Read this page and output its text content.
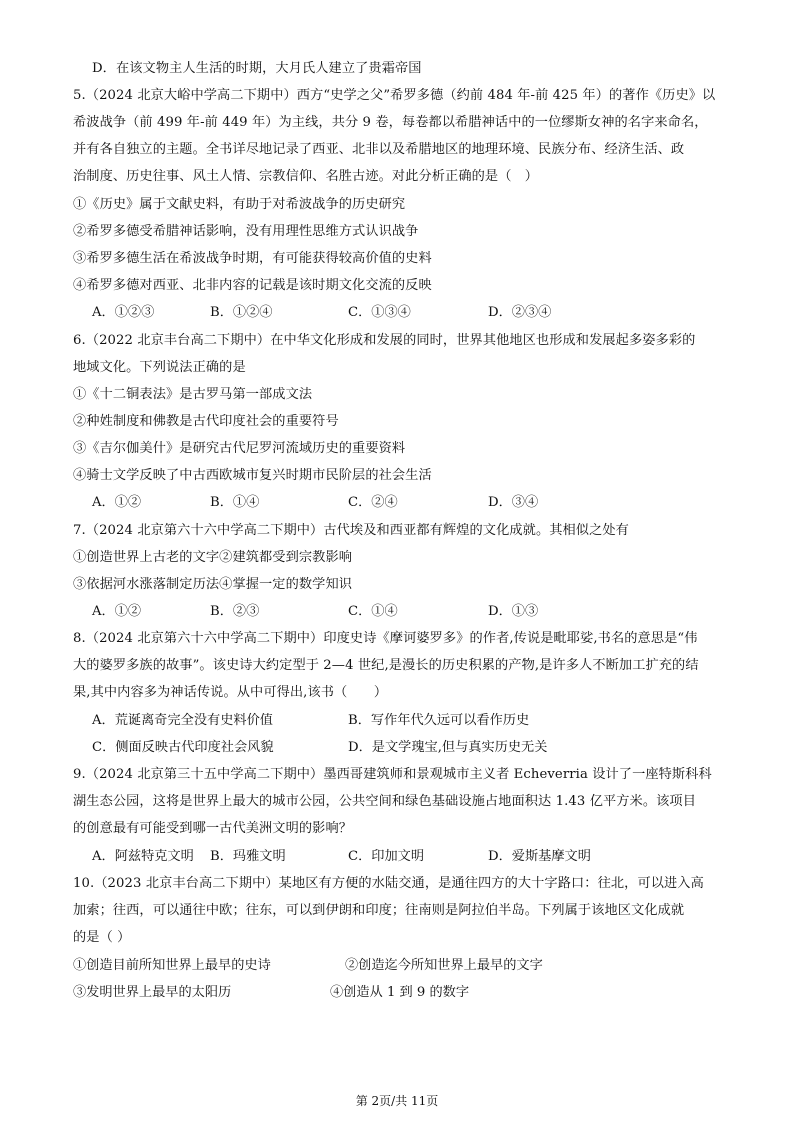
D．在该文物主人生活的时期，大月氏人建立了贵霜帝国
5.（2024 北京大峪中学高二下期中）西方“史学之父”希罗多德（约前 484 年-前 425 年）的著作《历史》以
希波战争（前 499 年-前 449 年）为主线，共分 9 卷，每卷都以希腊神话中的一位缪斯女神的名字来命名，
并有各自独立的主题。全书详尽地记录了西亚、北非以及希腊地区的地理环境、民族分布、经济生活、政
治制度、历史往事、风土人情、宗教信仰、名胜古迹。对此分析正确的是（　）
①《历史》属于文献史料，有助于对希波战争的历史研究
②希罗多德受希腊神话影响，没有用理性思维方式认识战争
③希罗多德生活在希波战争时期，有可能获得较高价值的史料
④希罗多德对西亚、北非内容的记载是该时期文化交流的反映
A．①②③	B．①②④	C．①③④	D．②③④
6.（2022 北京丰台高二下期中）在中华文化形成和发展的同时，世界其他地区也形成和发展起多姿多彩的
地域文化。下列说法正确的是
①《十二铜表法》是古罗马第一部成文法
②种姓制度和佛教是古代印度社会的重要符号
③《吉尔伽美什》是研究古代尼罗河流域历史的重要资料
④骑士文学反映了中古西欧城市复兴时期市民阶层的社会生活
A．①②	B．①④	C．②④	D．③④
7.（2024 北京第六十六中学高二下期中）古代埃及和西亚都有辉煌的文化成就。其相似之处有
①创造世界上古老的文字②建筑都受到宗教影响
③依据河水涨落制定历法④掌握一定的数学知识
A．①②	B．②③	C．①④	D．①③
8.（2024 北京第六十六中学高二下期中）印度史诗《摩诃婆罗多》的作者,传说是毗耶娑,书名的意思是“伟
大的婆罗多族的故事”。该史诗大约定型于 2—4 世纪,是漫长的历史积累的产物,是许多人不断加工扩充的结
果,其中内容多为神话传说。从中可得出,该书（　　）
A．荒诞离奇完全没有史料价值	B．写作年代久远可以看作历史
C．侧面反映古代印度社会风貌	D．是文学瑰宝,但与真实历史无关
9.（2024 北京第三十五中学高二下期中）墨西哥建筑师和景观城市主义者 Echeverria 设计了一座特斯科科
湖生态公园，这将是世界上最大的城市公园，公共空间和绿色基础设施占地面积达 1.43 亿平方米。该项目
的创意最有可能受到哪一古代美洲文明的影响？
A．阿兹特克文明 B．玛雅文明	C．印加文明	D．爱斯基摩文明
10.（2023 北京丰台高二下期中）某地区有方便的水陆交通，是通往四方的大十字路口：往北，可以进入高
加索；往西，可以通往中欧；往东，可以到伊朗和印度；往南则是阿拉伯半岛。下列属于该地区文化成就
的是（ ）
①创造目前所知世界上最早的史诗	②创造迄今所知世界上最早的文字
③发明世界上最早的太阳历	④创造从 1 到 9 的数字
第 2页/共 11页
